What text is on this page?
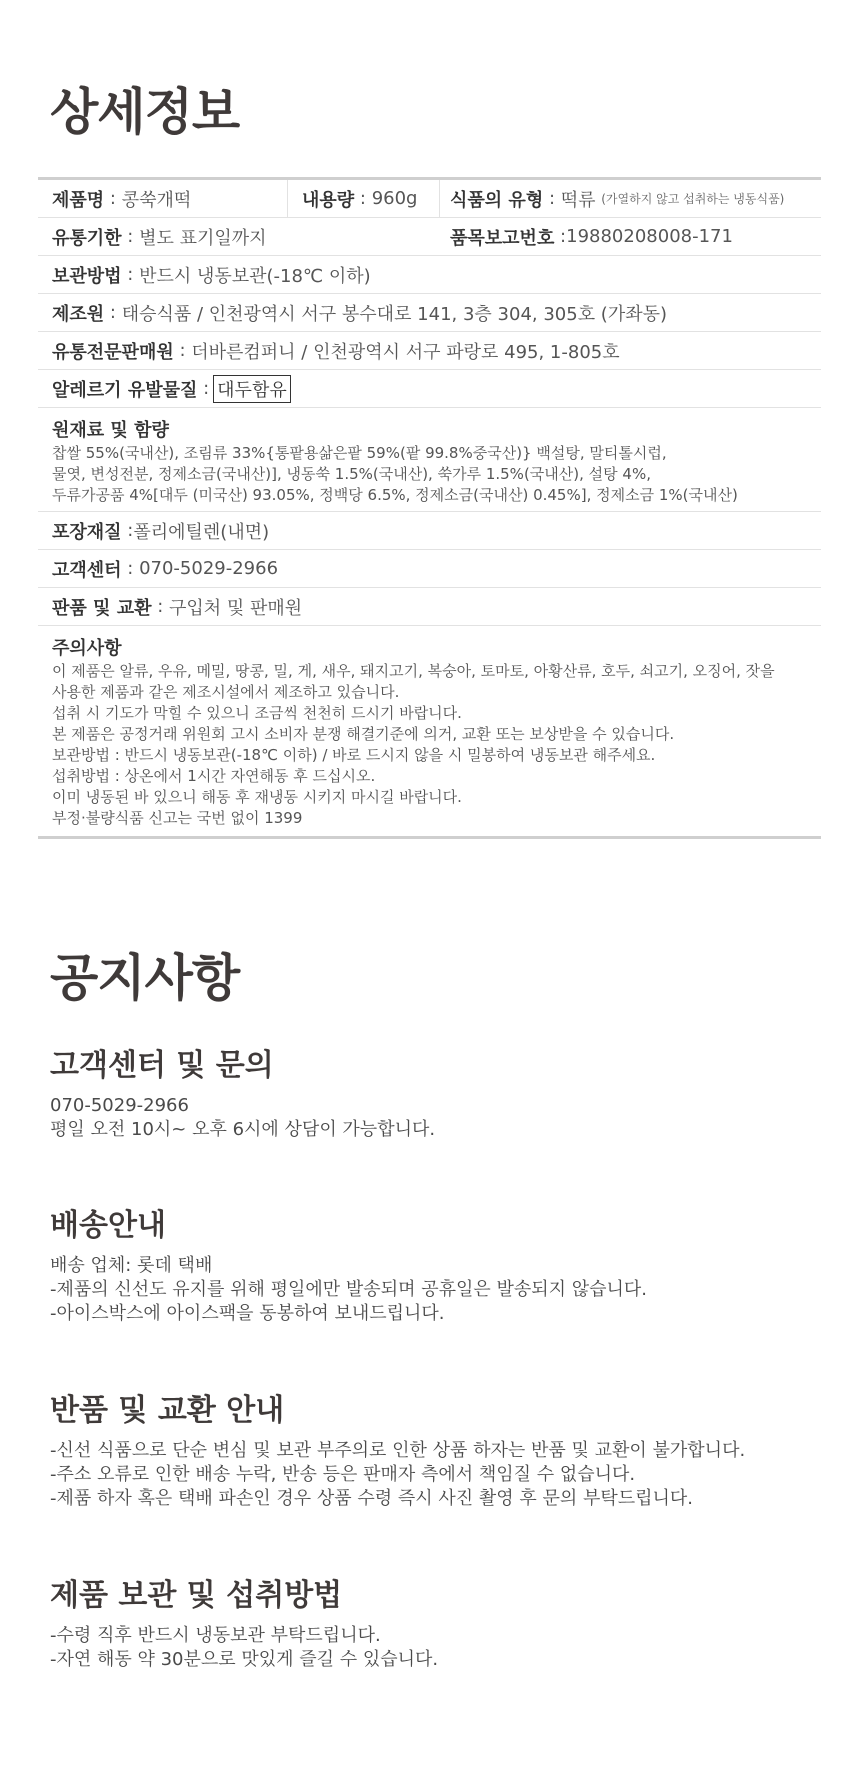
상세정보
제품명 : 콩쑥개떡	내용량 : 960g 식품의 유형 : 떡류
(가열하지 않고 섭취하는 냉동식품)
유통기한 : 별도 표기일까지	품목보고번호 : 19880208008-171
보관방법 : 반드시 냉동보관(-18℃ 이하)
제조원 : 태승식품 / 인천광역시 서구 봉수대로 141, 3층 304, 305호 (가좌동)
유통전문판매원 : 더바른컴퍼니 / 인천광역시 서구 파랑로 495, 1-805호
알레르기 유발물질 : 대두함유
원재료 및 함량
찹쌀 55%(국내산), 조림류 33%{통팥용삶은팥 59%(팥 99.8%중국산)} 백설탕, 말티톨시럽,
물엿, 변성전분, 정제소금(국내산)], 냉동쑥 1.5%(국내산), 쑥가루 1.5%(국내산), 설탕 4%,
두류가공품 4%[대두 (미국산) 93.05%, 정백당 6.5%, 정제소금(국내산) 0.45%], 정제소금 1%(국내산)
포장재질 : 폴리에틸렌(내면)
고객센터 : 070-5029-2966
판품 및 교환 : 구입처 및 판매원
주의사항
이 제품은 알류, 우유, 메밀, 땅콩, 밀, 게, 새우, 돼지고기, 복숭아, 토마토, 아황산류, 호두, 쇠고기, 오징어, 잣을
사용한 제품과 같은 제조시설에서 제조하고 있습니다.
섭취 시 기도가 막힐 수 있으니 조금씩 천천히 드시기 바랍니다.
본 제품은 공정거래 위원회 고시 소비자 분쟁 해결기준에 의거, 교환 또는 보상받을 수 있습니다.
보관방법 : 반드시 냉동보관(-18℃ 이하) / 바로 드시지 않을 시 밀봉하여 냉동보관 해주세요.
섭취방법 : 상온에서 1시간 자연해동 후 드십시오.
이미 냉동된 바 있으니 해동 후 재냉동 시키지 마시길 바랍니다.
부정·불량식품 신고는 국번 없이 1399
공지사항
고객센터 및 문의
070-5029-2966
평일 오전 10시~ 오후 6시에 상담이 가능합니다.
배송안내
배송 업체: 롯데 택배
-제품의 신선도 유지를 위해 평일에만 발송되며 공휴일은 발송되지 않습니다.
-아이스박스에 아이스팩을 동봉하여 보내드립니다.
반품 및 교환 안내
-신선 식품으로 단순 변심 및 보관 부주의로 인한 상품 하자는 반품 및 교환이 불가합니다.
-주소 오류로 인한 배송 누락, 반송 등은 판매자 측에서 책임질 수 없습니다.
-제품 하자 혹은 택배 파손인 경우 상품 수령 즉시 사진 촬영 후 문의 부탁드립니다.
제품 보관 및 섭취방법
-수령 직후 반드시 냉동보관 부탁드립니다.
-자연 해동 약 30분으로 맛있게 즐길 수 있습니다.
